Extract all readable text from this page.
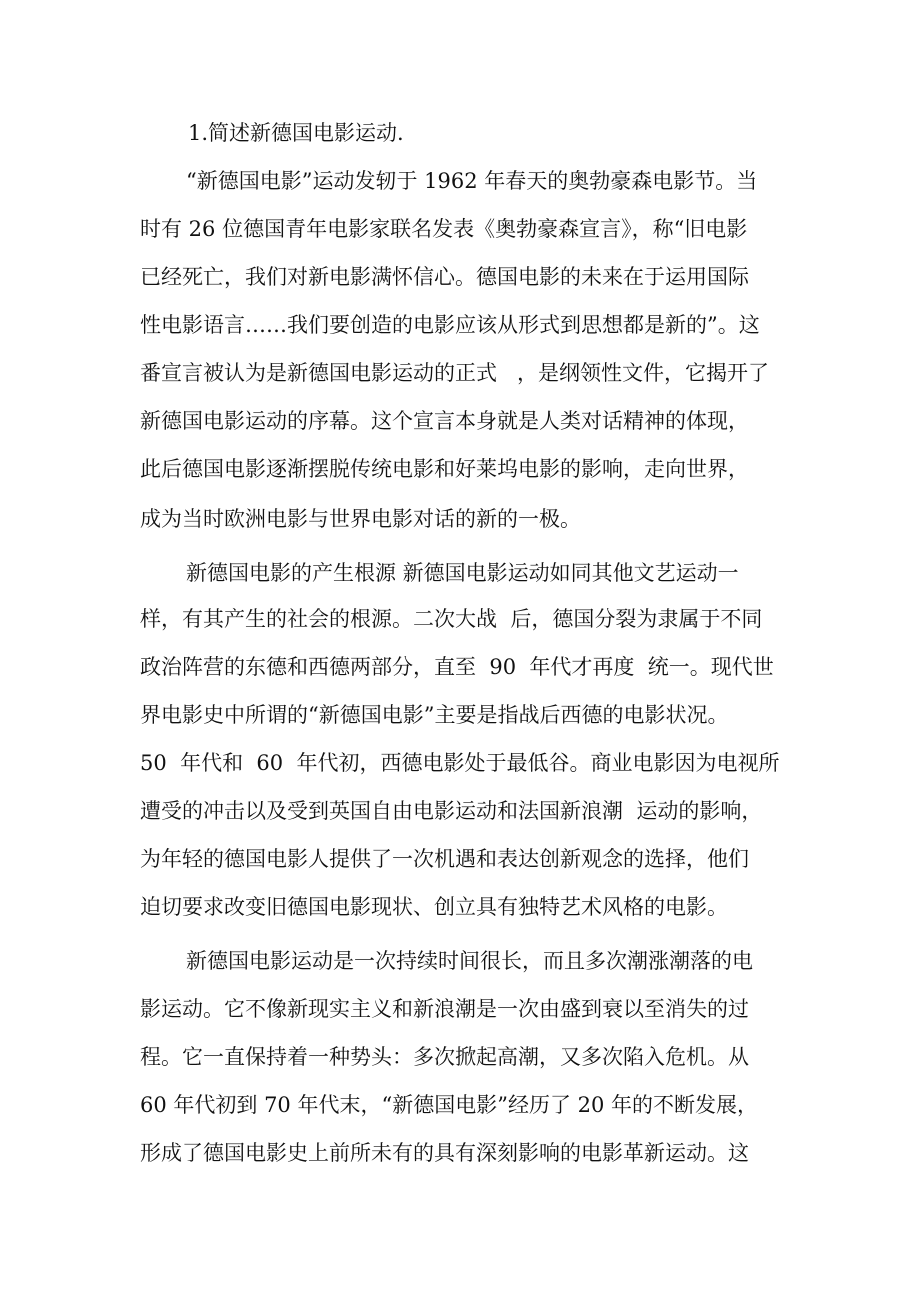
1.简述新德国电影运动.

“新德国电影”运动发轫于 1962 年春天的奥勃豪森电影节。当

时有 26 位德国青年电影家联名发表《奥勃豪森宣言》，称“旧电影

已经死亡，我们对新电影满怀信心。德国电影的未来在于运用国际

性电影语言……我们要创造的电影应该从形式到思想都是新的”。这

番宣言被认为是新德国电影运动的正式   ，是纲领性文件，它揭开了

新德国电影运动的序幕。这个宣言本身就是人类对话精神的体现，

此后德国电影逐渐摆脱传统电影和好莱坞电影的影响，走向世界，

成为当时欧洲电影与世界电影对话的新的一极。

新德国电影的产生根源 新德国电影运动如同其他文艺运动一

样，有其产生的社会的根源。二次大战  后，德国分裂为隶属于不同

政治阵营的东德和西德两部分，直至  90  年代才再度  统一。现代世

界电影史中所谓的“新德国电影”主要是指战后西德的电影状况。

50  年代和  60  年代初，西德电影处于最低谷。商业电影因为电视所

遭受的冲击以及受到英国自由电影运动和法国新浪潮  运动的影响，

为年轻的德国电影人提供了一次机遇和表达创新观念的选择，他们

迫切要求改变旧德国电影现状、创立具有独特艺术风格的电影。

新德国电影运动是一次持续时间很长，而且多次潮涨潮落的电

影运动。它不像新现实主义和新浪潮是一次由盛到衰以至消失的过

程。它一直保持着一种势头：多次掀起高潮，又多次陷入危机。从

60 年代初到 70 年代末，“新德国电影”经历了 20 年的不断发展，

形成了德国电影史上前所未有的具有深刻影响的电影革新运动。这
